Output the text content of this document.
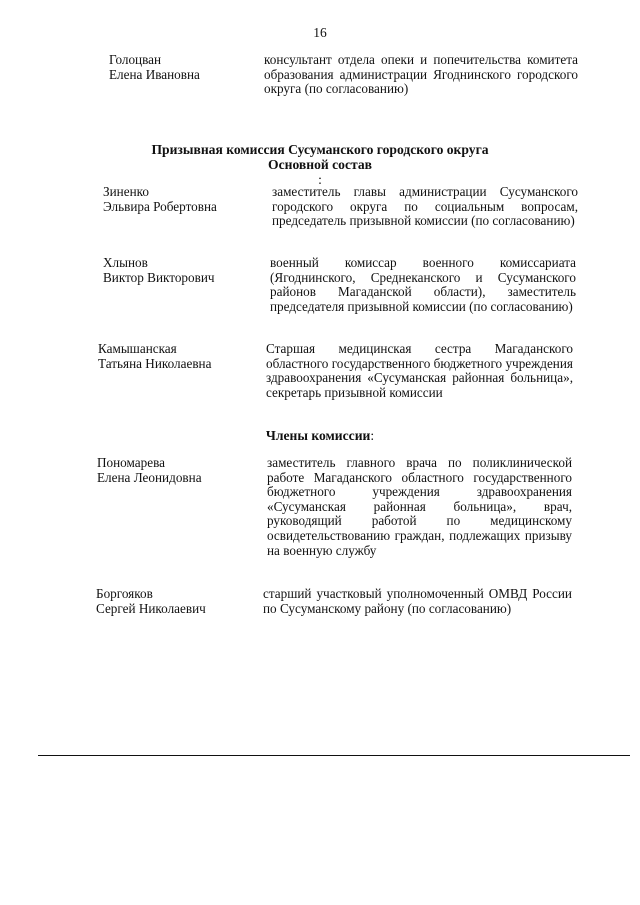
16
Голоцван
Елена Ивановна
консультант отдела опеки и попечительства комитета образования администрации Ягоднинского городского округа (по согласованию)
Призывная комиссия Сусуманского городского округа
Основной состав
:
Зиненко
Эльвира Робертовна
заместитель главы администрации Сусуманского городского округа по социальным вопросам, председатель призывной комиссии (по согласованию)
Хлынов
Виктор Викторович
военный комиссар военного комиссариата (Ягоднинского, Среднеканского и Сусуманского районов Магаданской области), заместитель председателя призывной комиссии (по согласованию)
Камышанская
Татьяна Николаевна
Старшая медицинская сестра Магаданского областного государственного бюджетного учреждения здравоохранения «Сусуманская районная больница», секретарь призывной комиссии
Члены комиссии:
Пономарева
Елена Леонидовна
заместитель главного врача по поликлинической работе Магаданского областного государственного бюджетного учреждения здравоохранения «Сусуманская районная больница», врач, руководящий работой по медицинскому освидетельствованию граждан, подлежащих призыву на военную службу
Боргояков
Сергей Николаевич
старший участковый уполномоченный ОМВД России по Сусуманскому району (по согласованию)
